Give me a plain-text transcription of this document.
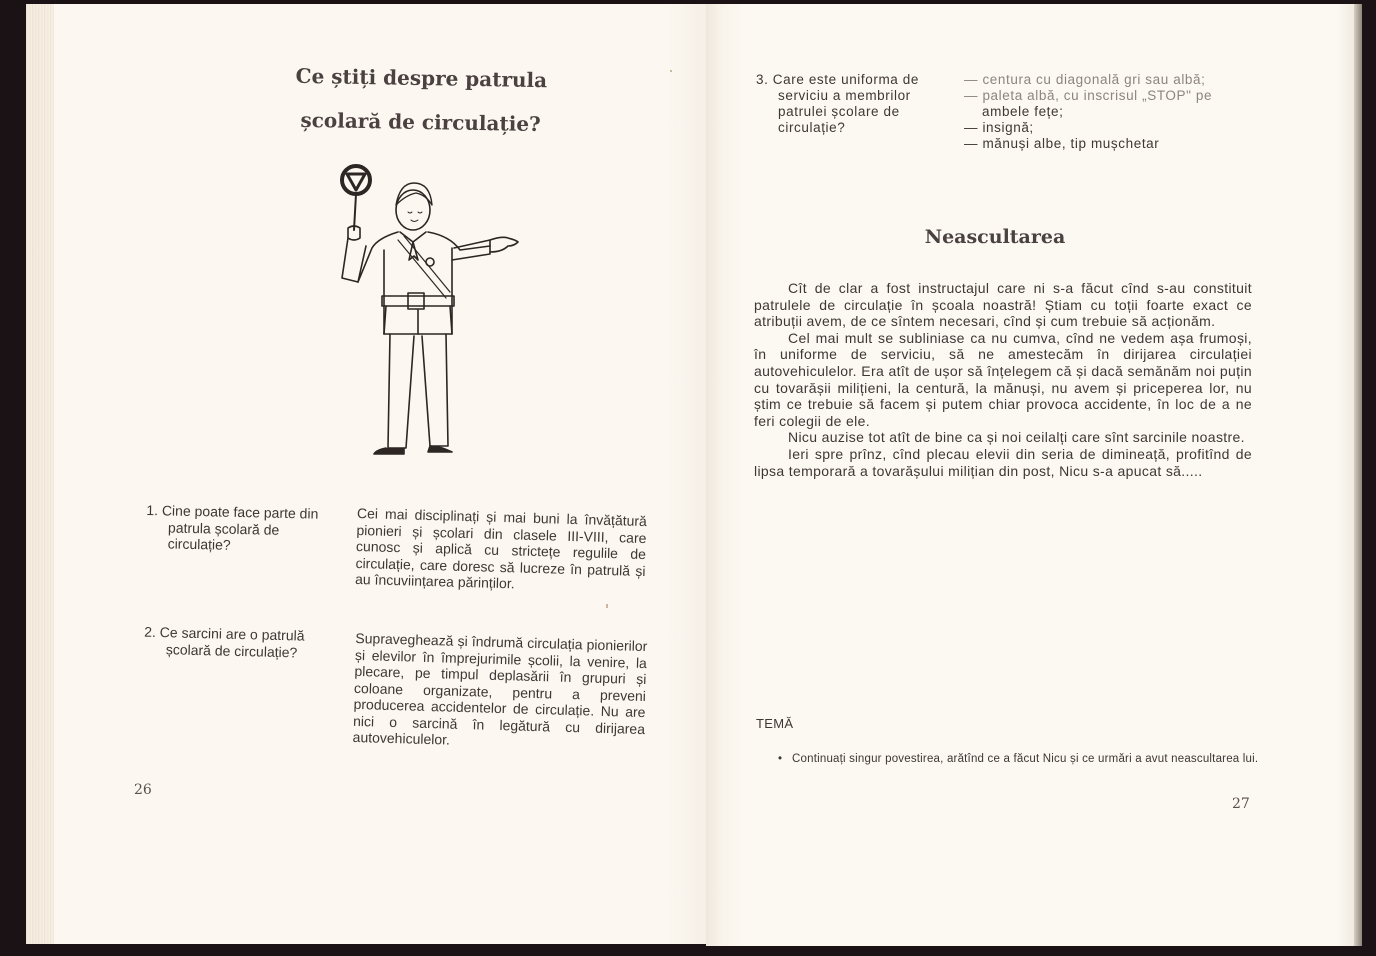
Ce știți despre patrula
școlară de circulație?
1. Cine poate face parte din patrula școlară de circulație?
Cei mai disciplinați și mai buni la învățătură pionieri și școlari din clasele III-VIII, care cunosc și aplică cu strictețe regulile de circulație, care doresc să lucreze în patrulă și au încuviințarea părinților.
2. Ce sarcini are o patrulă școlară de circulație?	Supraveghează și îndrumă circulația pionierilor și elevilor în împrejurimile școlii, la venire, la plecare, pe timpul deplasării în grupuri și coloane organizate, pentru a preveni producerea accidentelor de circulație. Nu are nici o sarcină în legătură cu dirijarea autovehiculelor.
26
3. Care este uniforma de serviciu a membrilor patrulei școlare de circulație?
— centura cu diagonală gri sau albă;
— paleta albă, cu inscrisul „STOP" pe
ambele fețe;
— insignă;
— mănuși albe, tip mușchetar
Neascultarea

Cît de clar a fost instructajul care ni s-a făcut cînd s-au constituit patrulele de circulație în școala noastră! Știam cu toții foarte exact ce atribuții avem, de ce sîntem necesari, cînd și cum trebuie să acționăm.

Cel mai mult se subliniase ca nu cumva, cînd ne vedem așa frumoși, în uniforme de serviciu, să ne amestecăm în dirijarea circulației autovehiculelor. Era atît de ușor să înțelegem că și dacă semănăm noi puțin cu tovarășii milițieni, la centură, la mănuși, nu avem și priceperea lor, nu știm ce trebuie să facem și putem chiar provoca accidente, în loc de a ne feri colegii de ele.

Nicu auzise tot atît de bine ca și noi ceilalți care sînt sarcinile noastre.

Ieri spre prînz, cînd plecau elevii din seria de dimineață, profitînd de lipsa temporară a tovarășului milițian din post, Nicu s-a apucat să.....

TEMĂ
• Continuați singur povestirea, arătînd ce a făcut Nicu și ce urmări a avut neascultarea lui.
27
